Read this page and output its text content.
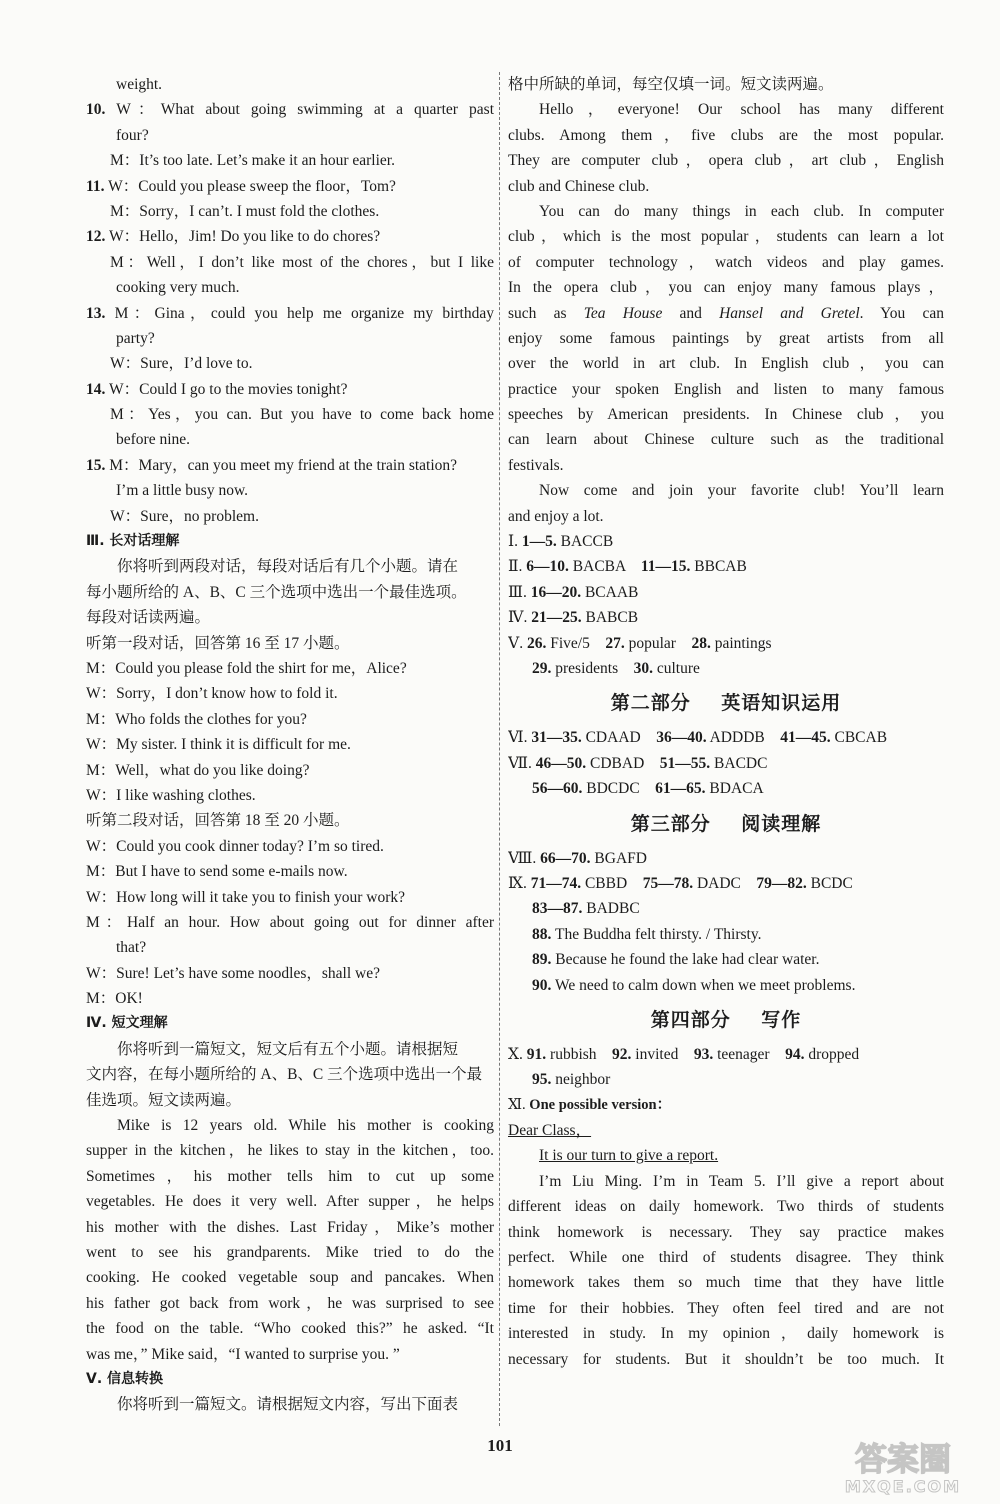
weight.
10. W：What about going swimming at a quarter past
four?
M：It’s too late. Let’s make it an hour earlier.
11. W：Could you please sweep the floor，Tom?
M：Sorry，I can’t. I must fold the clothes.
12. W：Hello，Jim! Do you like to do chores?
M：Well，I don’t like most of the chores，but I like
cooking very much.
13. M：Gina，could you help me organize my birthday
party?
W：Sure，I’d love to.
14. W：Could I go to the movies tonight?
M：Yes，you can. But you have to come back home
before nine.
15. M：Mary，can you meet my friend at the train station?
I’m a little busy now.
W：Sure，no problem.
Ⅲ. 长对话理解
你将听到两段对话，每段对话后有几个小题。请在
每小题所给的 A、B、C 三个选项中选出一个最佳选项。
每段对话读两遍。
听第一段对话，回答第 16 至 17 小题。
M：Could you please fold the shirt for me，Alice?
W：Sorry，I don’t know how to fold it.
M：Who folds the clothes for you?
W：My sister. I think it is difficult for me.
M：Well，what do you like doing?
W：I like washing clothes.
听第二段对话，回答第 18 至 20 小题。
W：Could you cook dinner today? I’m so tired.
M：But I have to send some e-mails now.
W：How long will it take you to finish your work?
M：Half an hour. How about going out for dinner after
that?
W：Sure! Let’s have some noodles，shall we?
M：OK!
Ⅳ. 短文理解
你将听到一篇短文，短文后有五个小题。请根据短
文内容，在每小题所给的 A、B、C 三个选项中选出一个最
佳选项。短文读两遍。
Mike is 12 years old. While his mother is cooking
supper in the kitchen，he likes to stay in the kitchen，too.
Sometimes，his mother tells him to cut up some
vegetables. He does it very well. After supper，he helps
his mother with the dishes. Last Friday，Mike’s mother
went to see his grandparents. Mike tried to do the
cooking. He cooked vegetable soup and pancakes. When
his father got back from work，he was surprised to see
the food on the table. “Who cooked this?” he asked. “It
was me，” Mike said，“I wanted to surprise you. ”
Ⅴ. 信息转换
你将听到一篇短文。请根据短文内容，写出下面表
格中所缺的单词，每空仅填一词。短文读两遍。
Hello，everyone! Our school has many different
clubs. Among them，five clubs are the most popular.
They are computer club，opera club，art club，English
club and Chinese club.
You can do many things in each club. In computer
club，which is the most popular，students can learn a lot
of computer technology，watch videos and play games.
In the opera club，you can enjoy many famous plays，
such as Tea House and Hansel and Gretel. You can
enjoy some famous paintings by great artists from all
over the world in art club. In English club，you can
practice your spoken English and listen to many famous
speeches by American presidents. In Chinese club，you
can learn about Chinese culture such as the traditional
festivals.
Now come and join your favorite club! You’ll learn
and enjoy a lot.
Ⅰ. 1—5. BACCB
Ⅱ. 6—10. BACBA    11—15. BBCAB
Ⅲ. 16—20. BCAAB
Ⅳ. 21—25. BABCB
Ⅴ. 26. Five/5    27. popular    28. paintings
29. presidents    30. culture
第二部分    英语知识运用
Ⅵ. 31—35. CDAAD    36—40. ADDDB    41—45. CBCAB
Ⅶ. 46—50. CDBAD    51—55. BACDC
56—60. BDCDC    61—65. BDACA
第三部分    阅读理解
Ⅷ. 66—70. BGAFD
Ⅸ. 71—74. CBBD    75—78. DADC    79—82. BCDC
83—87. BADBC
88. The Buddha felt thirsty. / Thirsty.
89. Because he found the lake had clear water.
90. We need to calm down when we meet problems.
第四部分    写作
Ⅹ. 91. rubbish    92. invited    93. teenager    94. dropped
95. neighbor
Ⅺ. One possible version：
Dear Class，
It is our turn to give a report.
I’m Liu Ming. I’m in Team 5. I’ll give a report about
different ideas on daily homework. Two thirds of students
think homework is necessary. They say practice makes
perfect. While one third of students disagree. They think
homework takes them so much time that they have little
time for their hobbies. They often feel tired and are not
interested in study. In my opinion，daily homework is
necessary for students. But it shouldn’t be too much. It
101	答案圈
MXQE.COM
